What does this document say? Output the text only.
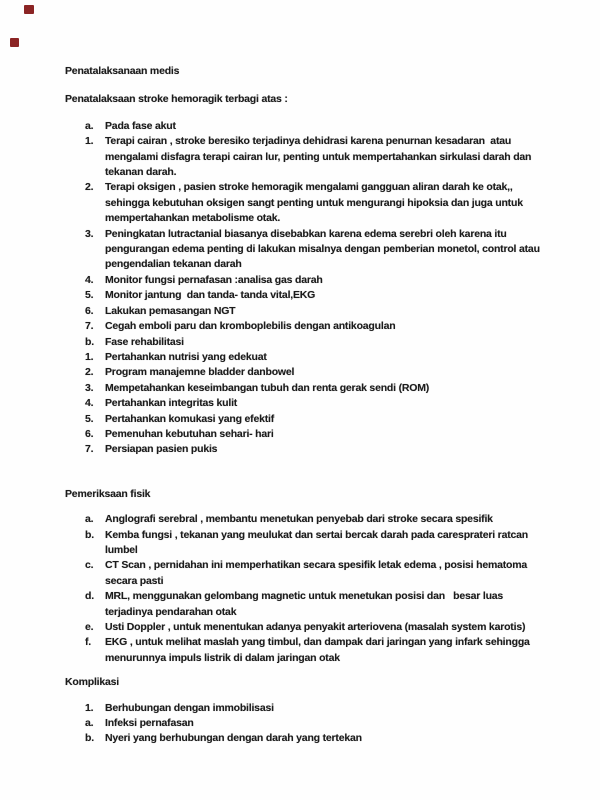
Penatalaksanaan medis

Penatalaksaan stroke hemoragik terbagi atas :

a.	Pada fase akut
1.	Terapi cairan , stroke beresiko terjadinya dehidrasi karena penurnan kesadaran  atau mengalami disfagra terapi cairan lur, penting untuk mempertahankan sirkulasi darah dan tekanan darah.
2.	Terapi oksigen , pasien stroke hemoragik mengalami gangguan aliran darah ke otak,, sehingga kebutuhan oksigen sangt penting untuk mengurangi hipoksia dan juga untuk mempertahankan metabolisme otak.
3.	Peningkatan lutractanial biasanya disebabkan karena edema serebri oleh karena itu pengurangan edema penting di lakukan misalnya dengan pemberian monetol, control atau pengendalian tekanan darah
4.	Monitor fungsi pernafasan :analisa gas darah
5.	Monitor jantung  dan tanda- tanda vital,EKG
6.	Lakukan pemasangan NGT
7.	Cegah emboli paru dan kromboplebilis dengan antikoagulan
b.	Fase rehabilitasi
1.	Pertahankan nutrisi yang edekuat
2.	Program manajemne bladder danbowel
3.	Mempetahankan keseimbangan tubuh dan renta gerak sendi (ROM)
4.	Pertahankan integritas kulit
5.	Pertahankan komukasi yang efektif
6.	Pemenuhan kebutuhan sehari- hari
7.	Persiapan pasien pukis

Pemeriksaan fisik

a.	Anglografi serebral , membantu menetukan penyebab dari stroke secara spesifik
b.	Kemba fungsi , tekanan yang meulukat dan sertai bercak darah pada caresprateri ratcan lumbel
c.	CT Scan , pernidahan ini memperhatikan secara spesifik letak edema , posisi hematoma secara pasti
d.	MRL, menggunakan gelombang magnetic untuk menetukan posisi dan   besar luas terjadinya pendarahan otak
e.	Usti Doppler , untuk menentukan adanya penyakit arteriovena (masalah system karotis)
f.	EKG , untuk melihat maslah yang timbul, dan dampak dari jaringan yang infark sehingga menurunnya impuls listrik di dalam jaringan otak

Komplikasi

1.	Berhubungan dengan immobilisasi
a.	Infeksi pernafasan
b.	Nyeri yang berhubungan dengan darah yang tertekan
